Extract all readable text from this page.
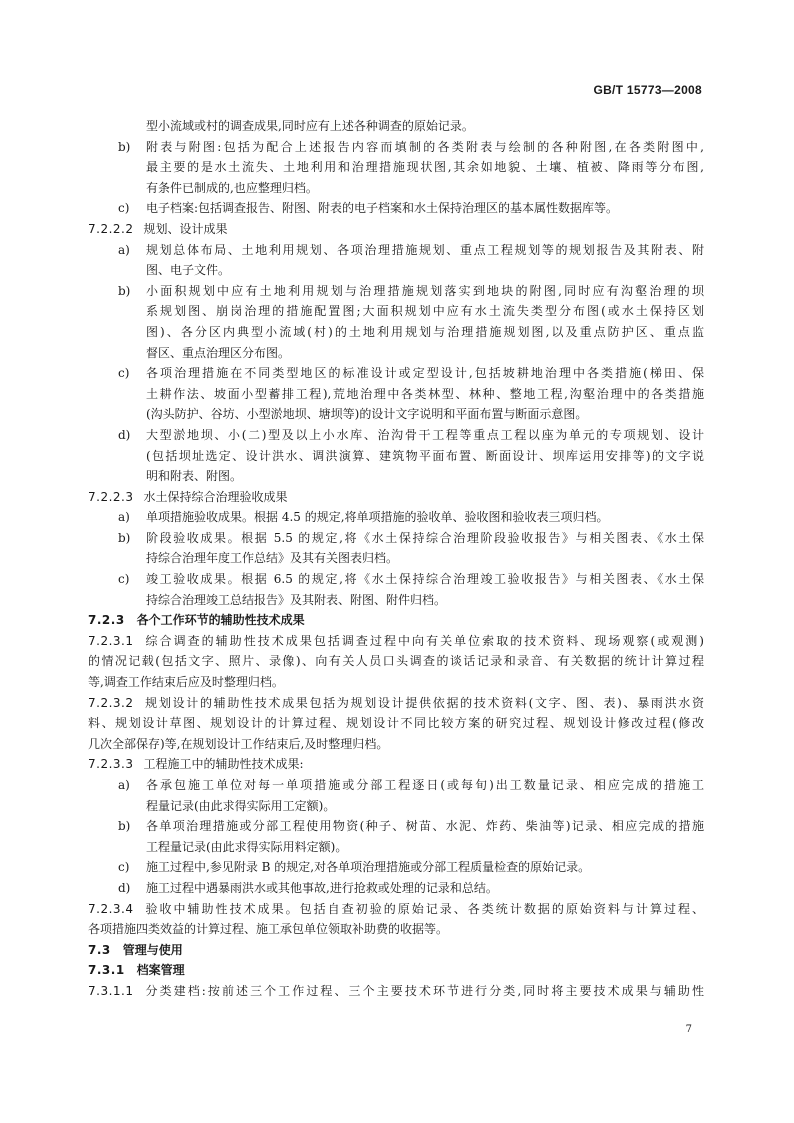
GB/T 15773—2008
型小流域或村的调查成果,同时应有上述各种调查的原始记录。
b) 附表与附图:包括为配合上述报告内容而填制的各类附表与绘制的各种附图,在各类附图中,
最主要的是水土流失、土地利用和治理措施现状图,其余如地貌、土壤、植被、降雨等分布图,
有条件已制成的,也应整理归档。
c) 电子档案:包括调查报告、附图、附表的电子档案和水土保持治理区的基本属性数据库等。
7.2.2.2 规划、设计成果
a) 规划总体布局、土地利用规划、各项治理措施规划、重点工程规划等的规划报告及其附表、附
图、电子文件。
b) 小面积规划中应有土地利用规划与治理措施规划落实到地块的附图,同时应有沟壑治理的坝
系规划图、崩岗治理的措施配置图;大面积规划中应有水土流失类型分布图(或水土保持区划
图)、各分区内典型小流域(村)的土地利用规划与治理措施规划图,以及重点防护区、重点监
督区、重点治理区分布图。
c) 各项治理措施在不同类型地区的标准设计或定型设计,包括坡耕地治理中各类措施(梯田、保
土耕作法、坡面小型蓄排工程),荒地治理中各类林型、林种、整地工程,沟壑治理中的各类措施
(沟头防护、谷坊、小型淤地坝、塘坝等)的设计文字说明和平面布置与断面示意图。
d) 大型淤地坝、小(二)型及以上小水库、治沟骨干工程等重点工程以座为单元的专项规划、设计
(包括坝址选定、设计洪水、调洪演算、建筑物平面布置、断面设计、坝库运用安排等)的文字说
明和附表、附图。
7.2.2.3 水土保持综合治理验收成果
a) 单项措施验收成果。根据 4.5 的规定,将单项措施的验收单、验收图和验收表三项归档。
b) 阶段验收成果。根据 5.5 的规定,将《水土保持综合治理阶段验收报告》与相关图表、《水土保
持综合治理年度工作总结》及其有关图表归档。
c) 竣工验收成果。根据 6.5 的规定,将《水土保持综合治理竣工验收报告》与相关图表、《水土保
持综合治理竣工总结报告》及其附表、附图、附件归档。
7.2.3 各个工作环节的辅助性技术成果
7.2.3.1 综合调查的辅助性技术成果包括调查过程中向有关单位索取的技术资料、现场观察(或观测)
的情况记载(包括文字、照片、录像)、向有关人员口头调查的谈话记录和录音、有关数据的统计计算过程
等,调查工作结束后应及时整理归档。
7.2.3.2 规划设计的辅助性技术成果包括为规划设计提供依据的技术资料(文字、图、表)、暴雨洪水资
料、规划设计草图、规划设计的计算过程、规划设计不同比较方案的研究过程、规划设计修改过程(修改
几次全部保存)等,在规划设计工作结束后,及时整理归档。
7.2.3.3 工程施工中的辅助性技术成果:
a) 各承包施工单位对每一单项措施或分部工程逐日(或每旬)出工数量记录、相应完成的措施工
程量记录(由此求得实际用工定额)。
b) 各单项治理措施或分部工程使用物资(种子、树苗、水泥、炸药、柴油等)记录、相应完成的措施
工程量记录(由此求得实际用料定额)。
c) 施工过程中,参见附录 B 的规定,对各单项治理措施或分部工程质量检查的原始记录。
d) 施工过程中遇暴雨洪水或其他事故,进行抢救或处理的记录和总结。
7.2.3.4 验收中辅助性技术成果。包括自查初验的原始记录、各类统计数据的原始资料与计算过程、
各项措施四类效益的计算过程、施工承包单位领取补助费的收据等。
7.3 管理与使用
7.3.1 档案管理
7.3.1.1 分类建档:按前述三个工作过程、三个主要技术环节进行分类,同时将主要技术成果与辅助性
7
